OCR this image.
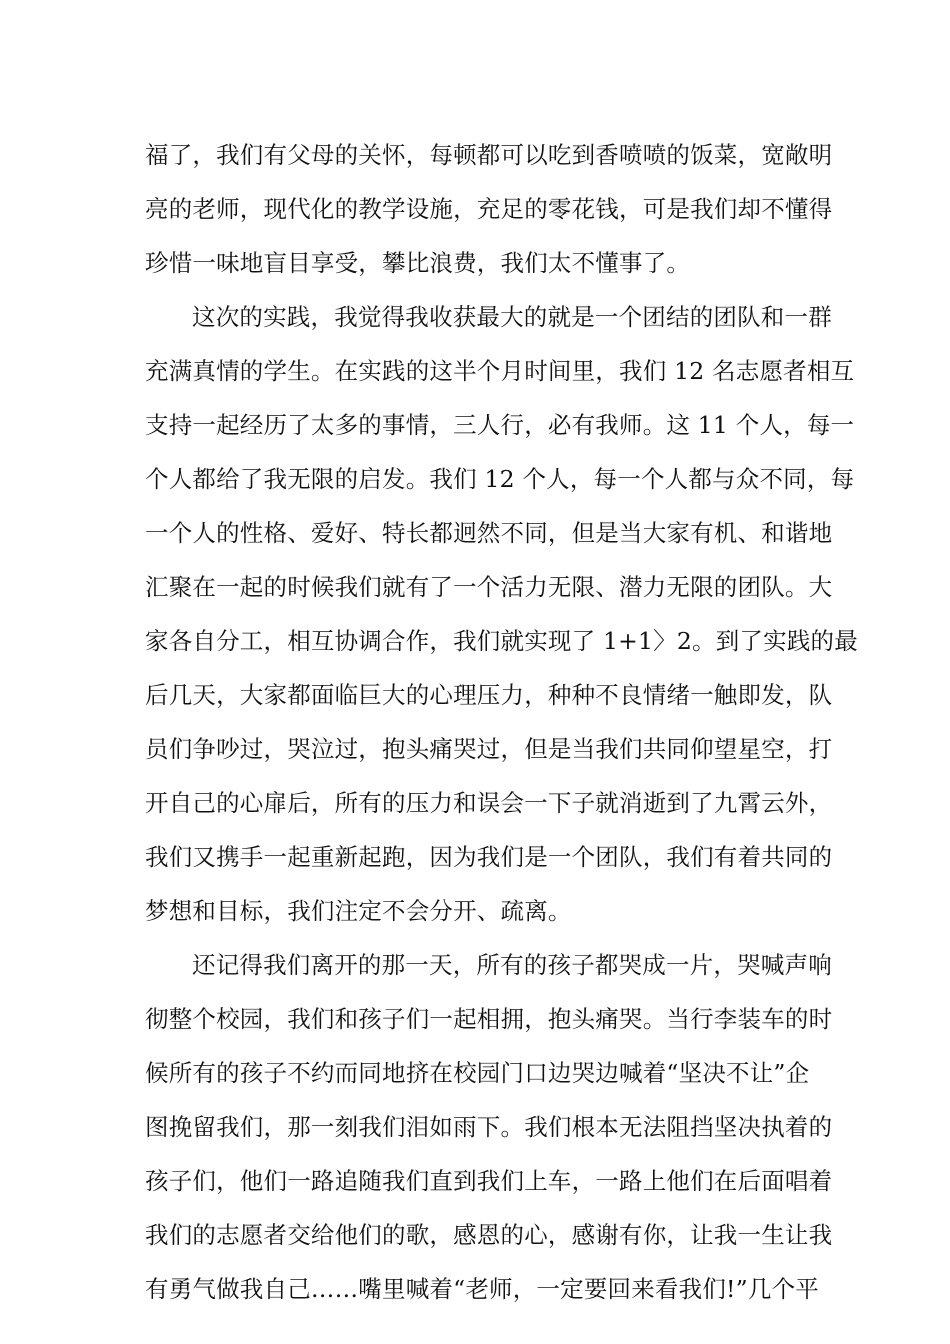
福了，我们有父母的关怀，每顿都可以吃到香喷喷的饭菜，宽敞明
亮的老师，现代化的教学设施，充足的零花钱，可是我们却不懂得
珍惜一味地盲目享受，攀比浪费，我们太不懂事了。
这次的实践，我觉得我收获最大的就是一个团结的团队和一群
充满真情的学生。在实践的这半个月时间里，我们 12 名志愿者相互
支持一起经历了太多的事情，三人行，必有我师。这 11 个人，每一
个人都给了我无限的启发。我们 12 个人，每一个人都与众不同，每
一个人的性格、爱好、特长都迥然不同，但是当大家有机、和谐地
汇聚在一起的时候我们就有了一个活力无限、潜力无限的团队。大
家各自分工，相互协调合作，我们就实现了 1+1〉2。到了实践的最
后几天，大家都面临巨大的心理压力，种种不良情绪一触即发，队
员们争吵过，哭泣过，抱头痛哭过，但是当我们共同仰望星空，打
开自己的心扉后，所有的压力和误会一下子就消逝到了九霄云外，
我们又携手一起重新起跑，因为我们是一个团队，我们有着共同的
梦想和目标，我们注定不会分开、疏离。
还记得我们离开的那一天，所有的孩子都哭成一片，哭喊声响
彻整个校园，我们和孩子们一起相拥，抱头痛哭。当行李装车的时
候所有的孩子不约而同地挤在校园门口边哭边喊着“坚决不让”企
图挽留我们，那一刻我们泪如雨下。我们根本无法阻挡坚决执着的
孩子们，他们一路追随我们直到我们上车，一路上他们在后面唱着
我们的志愿者交给他们的歌，感恩的心，感谢有你，让我一生让我
有勇气做我自己……嘴里喊着“老师，一定要回来看我们!”几个平
